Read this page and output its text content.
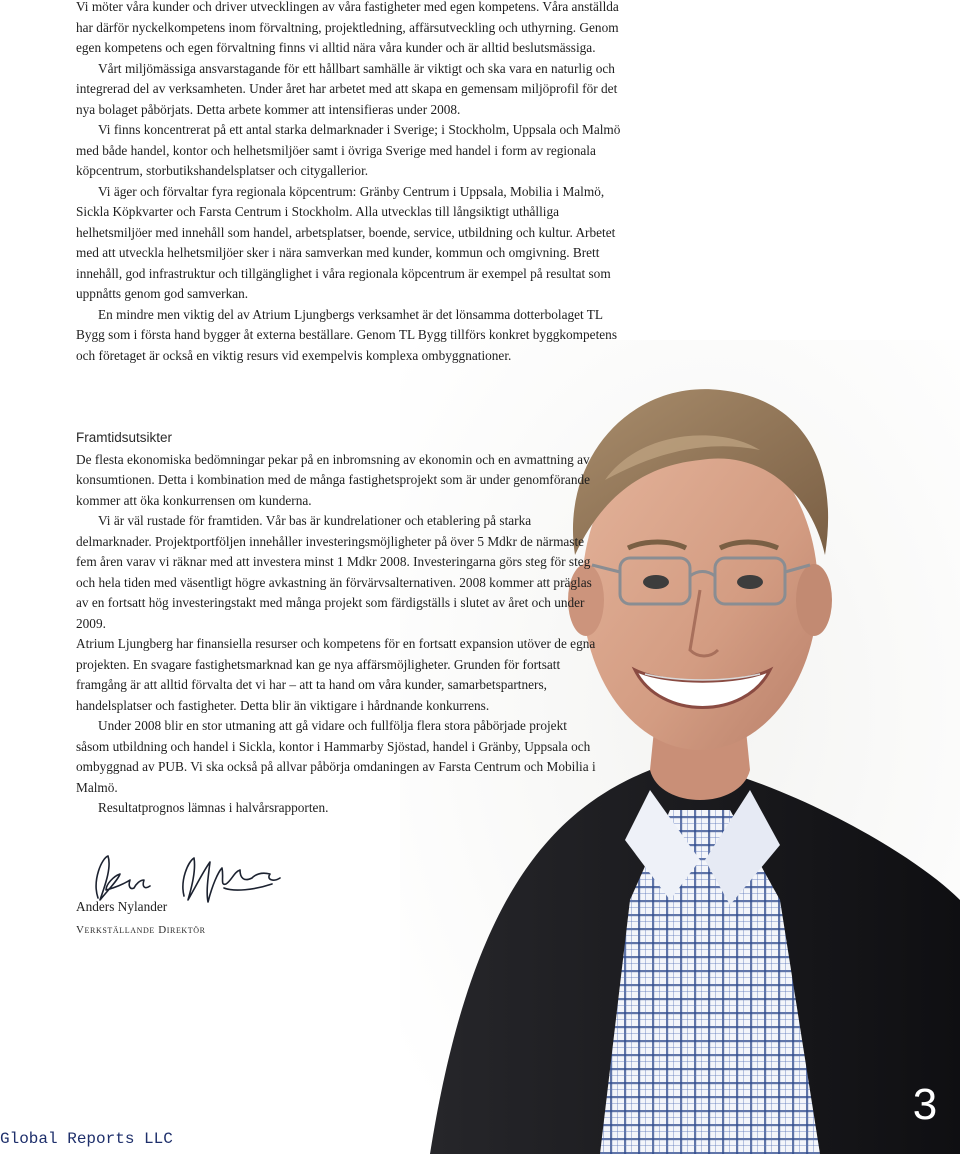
Vi möter våra kunder och driver utvecklingen av våra fastigheter med egen kompetens. Våra anställda har därför nyckelkompetens inom förvaltning, projektledning, affärsutveckling och uthyrning. Genom egen kompetens och egen förvaltning finns vi alltid nära våra kunder och är alltid beslutsmässiga.

Vårt miljömässiga ansvarstagande för ett hållbart samhälle är viktigt och ska vara en naturlig och integrerad del av verksamheten. Under året har arbetet med att skapa en gemensam miljöprofil för det nya bolaget påbörjats. Detta arbete kommer att intensifieras under 2008.

Vi finns koncentrerat på ett antal starka delmarknader i Sverige; i Stockholm, Uppsala och Malmö med både handel, kontor och helhetsmiljöer samt i övriga Sverige med handel i form av regionala köpcentrum, storbutikshandelsplatser och citygallerior.

Vi äger och förvaltar fyra regionala köpcentrum: Gränby Centrum i Uppsala, Mobilia i Malmö, Sickla Köpkvarter och Farsta Centrum i Stockholm. Alla utvecklas till långsiktigt uthålliga helhetsmiljöer med innehåll som handel, arbetsplatser, boende, service, utbildning och kultur. Arbetet med att utveckla helhetsmiljöer sker i nära samverkan med kunder, kommun och omgivning. Brett innehåll, god infrastruktur och tillgänglighet i våra regionala köpcentrum är exempel på resultat som uppnåtts genom god samverkan.

En mindre men viktig del av Atrium Ljungbergs verksamhet är det lönsamma dotterbolaget TL Bygg som i första hand bygger åt externa beställare. Genom TL Bygg tillförs konkret byggkompetens och företaget är också en viktig resurs vid exempelvis komplexa ombyggnationer.

Framtidsutsikter

De flesta ekonomiska bedömningar pekar på en inbromsning av ekonomin och en avmattning av konsumtionen. Detta i kombination med de många fastighetsprojekt som är under genomförande kommer att öka konkurrensen om kunderna.

Vi är väl rustade för framtiden. Vår bas är kundrelationer och etablering på starka delmarknader. Projektportföljen innehåller investeringsmöjligheter på över 5 Mdkr de närmaste fem åren varav vi räknar med att investera minst 1 Mdkr 2008. Investeringarna görs steg för steg och hela tiden med väsentligt högre avkastning än förvärvsalternativen. 2008 kommer att präglas av en fortsatt hög investeringstakt med många projekt som färdigställs i slutet av året och under 2009.

Atrium Ljungberg har finansiella resurser och kompetens för en fortsatt expansion utöver de egna projekten. En svagare fastighetsmarknad kan ge nya affärsmöjligheter. Grunden för fortsatt framgång är att alltid förvalta det vi har – att ta hand om våra kunder, samarbetspartners, handelsplatser och fastigheter. Detta blir än viktigare i hårdnande konkurrens.

Under 2008 blir en stor utmaning att gå vidare och fullfölja flera stora påbörjade projekt såsom utbildning och handel i Sickla, kontor i Hammarby Sjöstad, handel i Gränby, Uppsala och ombyggnad av PUB. Vi ska också på allvar påbörja omdaningen av Farsta Centrum och Mobilia i Malmö.

Resultatprognos lämnas i halvårsrapporten.

Anders Nylander
Verkställande Direktör
Global Reports LLC
3
